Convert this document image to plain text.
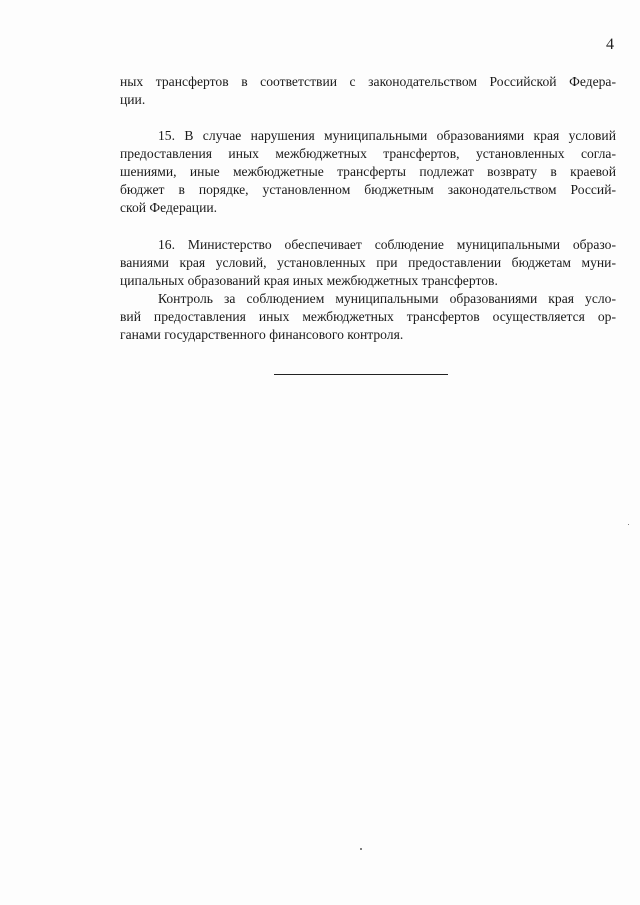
4

ных трансфертов в соответствии с законодательством Российской Федера-
ции.

15. В случае нарушения муниципальными образованиями края условий
предоставления иных межбюджетных трансфертов, установленных согла-
шениями, иные межбюджетные трансферты подлежат возврату в краевой
бюджет в порядке, установленном бюджетным законодательством Россий-
ской Федерации.

16. Министерство обеспечивает соблюдение муниципальными образо-
ваниями края условий, установленных при предоставлении бюджетам муни-
ципальных образований края иных межбюджетных трансфертов.

Контроль за соблюдением муниципальными образованиями края усло-
вий предоставления иных межбюджетных трансфертов осуществляется ор-
ганами государственного финансового контроля.
